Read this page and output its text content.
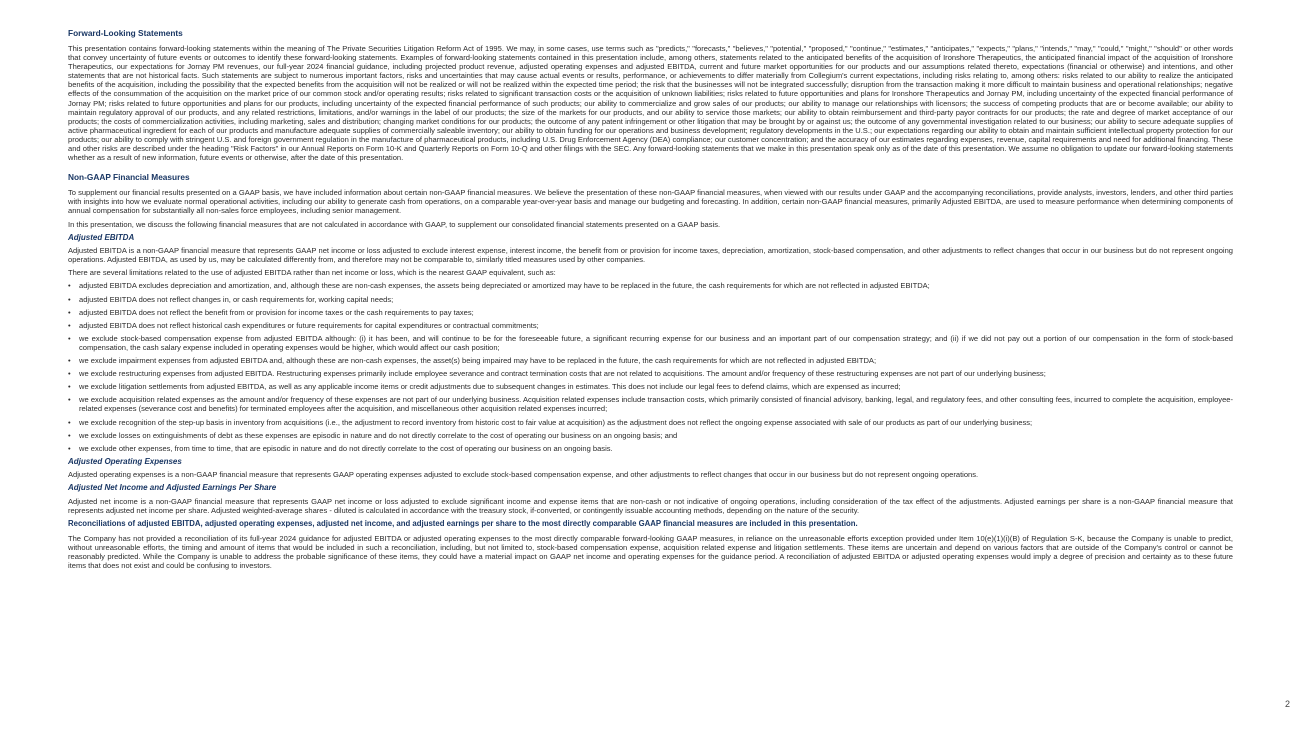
Forward-Looking Statements
This presentation contains forward-looking statements within the meaning of The Private Securities Litigation Reform Act of 1995. We may, in some cases, use terms such as "predicts," "forecasts," "believes," "potential," "proposed," "continue," "estimates," "anticipates," "expects," "plans," "intends," "may," "could," "might," "should" or other words that convey uncertainty of future events or outcomes to identify these forward-looking statements. Examples of forward-looking statements contained in this presentation include, among others, statements related to the anticipated benefits of the acquisition of Ironshore Therapeutics, the anticipated financial impact of the acquisition of Ironshore Therapeutics, our expectations for Jornay PM revenues, our full-year 2024 financial guidance, including projected product revenue, adjusted operating expenses and adjusted EBITDA, current and future market opportunities for our products and our assumptions related thereto, expectations (financial or otherwise) and intentions, and other statements that are not historical facts. Such statements are subject to numerous important factors, risks and uncertainties that may cause actual events or results, performance, or achievements to differ materially from Collegium's current expectations, including risks relating to, among others: risks related to our ability to realize the anticipated benefits of the acquisition, including the possibility that the expected benefits from the acquisition will not be realized or will not be realized within the expected time period; the risk that the businesses will not be integrated successfully; disruption from the transaction making it more difficult to maintain business and operational relationships; negative effects of the consummation of the acquisition on the market price of our common stock and/or operating results; risks related to significant transaction costs or the acquisition of unknown liabilities; risks related to future opportunities and plans for Ironshore Therapeutics and Jornay PM, including uncertainty of the expected financial performance of Jornay PM; risks related to future opportunities and plans for our products, including uncertainty of the expected financial performance of such products; our ability to commercialize and grow sales of our products; our ability to manage our relationships with licensors; the success of competing products that are or become available; our ability to maintain regulatory approval of our products, and any related restrictions, limitations, and/or warnings in the label of our products; the size of the markets for our products, and our ability to service those markets; our ability to obtain reimbursement and third-party payor contracts for our products; the rate and degree of market acceptance of our products; the costs of commercialization activities, including marketing, sales and distribution; changing market conditions for our products; the outcome of any patent infringement or other litigation that may be brought by or against us; the outcome of any governmental investigation related to our business; our ability to secure adequate supplies of active pharmaceutical ingredient for each of our products and manufacture adequate supplies of commercially saleable inventory; our ability to obtain funding for our operations and business development; regulatory developments in the U.S.; our expectations regarding our ability to obtain and maintain sufficient intellectual property protection for our products; our ability to comply with stringent U.S. and foreign government regulation in the manufacture of pharmaceutical products, including U.S. Drug Enforcement Agency (DEA) compliance; our customer concentration; and the accuracy of our estimates regarding expenses, revenue, capital requirements and need for additional financing. These and other risks are described under the heading "Risk Factors" in our Annual Reports on Form 10-K and Quarterly Reports on Form 10-Q and other filings with the SEC. Any forward-looking statements that we make in this presentation speak only as of the date of this presentation. We assume no obligation to update our forward-looking statements whether as a result of new information, future events or otherwise, after the date of this presentation.
Non-GAAP Financial Measures
To supplement our financial results presented on a GAAP basis, we have included information about certain non-GAAP financial measures. We believe the presentation of these non-GAAP financial measures, when viewed with our results under GAAP and the accompanying reconciliations, provide analysts, investors, lenders, and other third parties with insights into how we evaluate normal operational activities, including our ability to generate cash from operations, on a comparable year-over-year basis and manage our budgeting and forecasting. In addition, certain non-GAAP financial measures, primarily Adjusted EBITDA, are used to measure performance when determining components of annual compensation for substantially all non-sales force employees, including senior management.
In this presentation, we discuss the following financial measures that are not calculated in accordance with GAAP, to supplement our consolidated financial statements presented on a GAAP basis.
Adjusted EBITDA
Adjusted EBITDA is a non-GAAP financial measure that represents GAAP net income or loss adjusted to exclude interest expense, interest income, the benefit from or provision for income taxes, depreciation, amortization, stock-based compensation, and other adjustments to reflect changes that occur in our business but do not represent ongoing operations. Adjusted EBITDA, as used by us, may be calculated differently from, and therefore may not be comparable to, similarly titled measures used by other companies.
There are several limitations related to the use of adjusted EBITDA rather than net income or loss, which is the nearest GAAP equivalent, such as:
• adjusted EBITDA excludes depreciation and amortization, and, although these are non-cash expenses, the assets being depreciated or amortized may have to be replaced in the future, the cash requirements for which are not reflected in adjusted EBITDA;
• adjusted EBITDA does not reflect changes in, or cash requirements for, working capital needs;
• adjusted EBITDA does not reflect the benefit from or provision for income taxes or the cash requirements to pay taxes;
• adjusted EBITDA does not reflect historical cash expenditures or future requirements for capital expenditures or contractual commitments;
• we exclude stock-based compensation expense from adjusted EBITDA although: (i) it has been, and will continue to be for the foreseeable future, a significant recurring expense for our business and an important part of our compensation strategy; and (ii) if we did not pay out a portion of our compensation in the form of stock-based compensation, the cash salary expense included in operating expenses would be higher, which would affect our cash position;
• we exclude impairment expenses from adjusted EBITDA and, although these are non-cash expenses, the asset(s) being impaired may have to be replaced in the future, the cash requirements for which are not reflected in adjusted EBITDA;
• we exclude restructuring expenses from adjusted EBITDA. Restructuring expenses primarily include employee severance and contract termination costs that are not related to acquisitions. The amount and/or frequency of these restructuring expenses are not part of our underlying business;
• we exclude litigation settlements from adjusted EBITDA, as well as any applicable income items or credit adjustments due to subsequent changes in estimates. This does not include our legal fees to defend claims, which are expensed as incurred;
• we exclude acquisition related expenses as the amount and/or frequency of these expenses are not part of our underlying business. Acquisition related expenses include transaction costs, which primarily consisted of financial advisory, banking, legal, and regulatory fees, and other consulting fees, incurred to complete the acquisition, employee-related expenses (severance cost and benefits) for terminated employees after the acquisition, and miscellaneous other acquisition related expenses incurred;
• we exclude recognition of the step-up basis in inventory from acquisitions (i.e., the adjustment to record inventory from historic cost to fair value at acquisition) as the adjustment does not reflect the ongoing expense associated with sale of our products as part of our underlying business;
• we exclude losses on extinguishments of debt as these expenses are episodic in nature and do not directly correlate to the cost of operating our business on an ongoing basis; and
• we exclude other expenses, from time to time, that are episodic in nature and do not directly correlate to the cost of operating our business on an ongoing basis.
Adjusted Operating Expenses
Adjusted operating expenses is a non-GAAP financial measure that represents GAAP operating expenses adjusted to exclude stock-based compensation expense, and other adjustments to reflect changes that occur in our business but do not represent ongoing operations.
Adjusted Net Income and Adjusted Earnings Per Share
Adjusted net income is a non-GAAP financial measure that represents GAAP net income or loss adjusted to exclude significant income and expense items that are non-cash or not indicative of ongoing operations, including consideration of the tax effect of the adjustments. Adjusted earnings per share is a non-GAAP financial measure that represents adjusted net income per share. Adjusted weighted-average shares - diluted is calculated in accordance with the treasury stock, if-converted, or contingently issuable accounting methods, depending on the nature of the security.
Reconciliations of adjusted EBITDA, adjusted operating expenses, adjusted net income, and adjusted earnings per share to the most directly comparable GAAP financial measures are included in this presentation.
The Company has not provided a reconciliation of its full-year 2024 guidance for adjusted EBITDA or adjusted operating expenses to the most directly comparable forward-looking GAAP measures, in reliance on the unreasonable efforts exception provided under Item 10(e)(1)(i)(B) of Regulation S-K, because the Company is unable to predict, without unreasonable efforts, the timing and amount of items that would be included in such a reconciliation, including, but not limited to, stock-based compensation expense, acquisition related expense and litigation settlements. These items are uncertain and depend on various factors that are outside of the Company's control or cannot be reasonably predicted. While the Company is unable to address the probable significance of these items, they could have a material impact on GAAP net income and operating expenses for the guidance period. A reconciliation of adjusted EBITDA or adjusted operating expenses would imply a degree of precision and certainty as to these future items that does not exist and could be confusing to investors.
2
